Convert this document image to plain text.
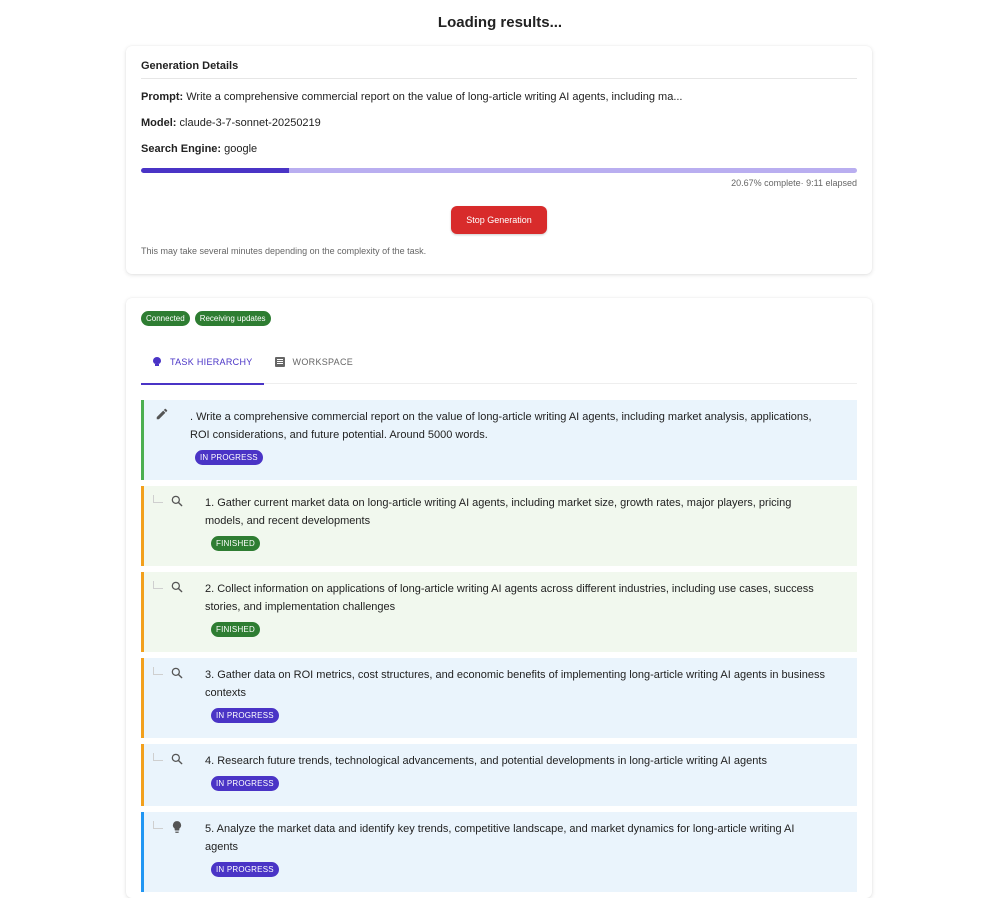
Loading results...
Generation Details
Prompt: Write a comprehensive commercial report on the value of long-article writing AI agents, including ma...
Model: claude-3-7-sonnet-20250219
Search Engine: google
20.67% complete· 9:11 elapsed
Stop Generation
This may take several minutes depending on the complexity of the task.
Connected	Receiving updates
TASK HIERARCHY	WORKSPACE
. Write a comprehensive commercial report on the value of long-article writing AI agents, including market analysis, applications, ROI considerations, and future potential. Around 5000 words.
IN PROGRESS
1. Gather current market data on long-article writing AI agents, including market size, growth rates, major players, pricing models, and recent developments
FINISHED
2. Collect information on applications of long-article writing AI agents across different industries, including use cases, success stories, and implementation challenges
FINISHED
3. Gather data on ROI metrics, cost structures, and economic benefits of implementing long-article writing AI agents in business contexts
IN PROGRESS
4. Research future trends, technological advancements, and potential developments in long-article writing AI agents
IN PROGRESS
5. Analyze the market data and identify key trends, competitive landscape, and market dynamics for long-article writing AI agents
IN PROGRESS
